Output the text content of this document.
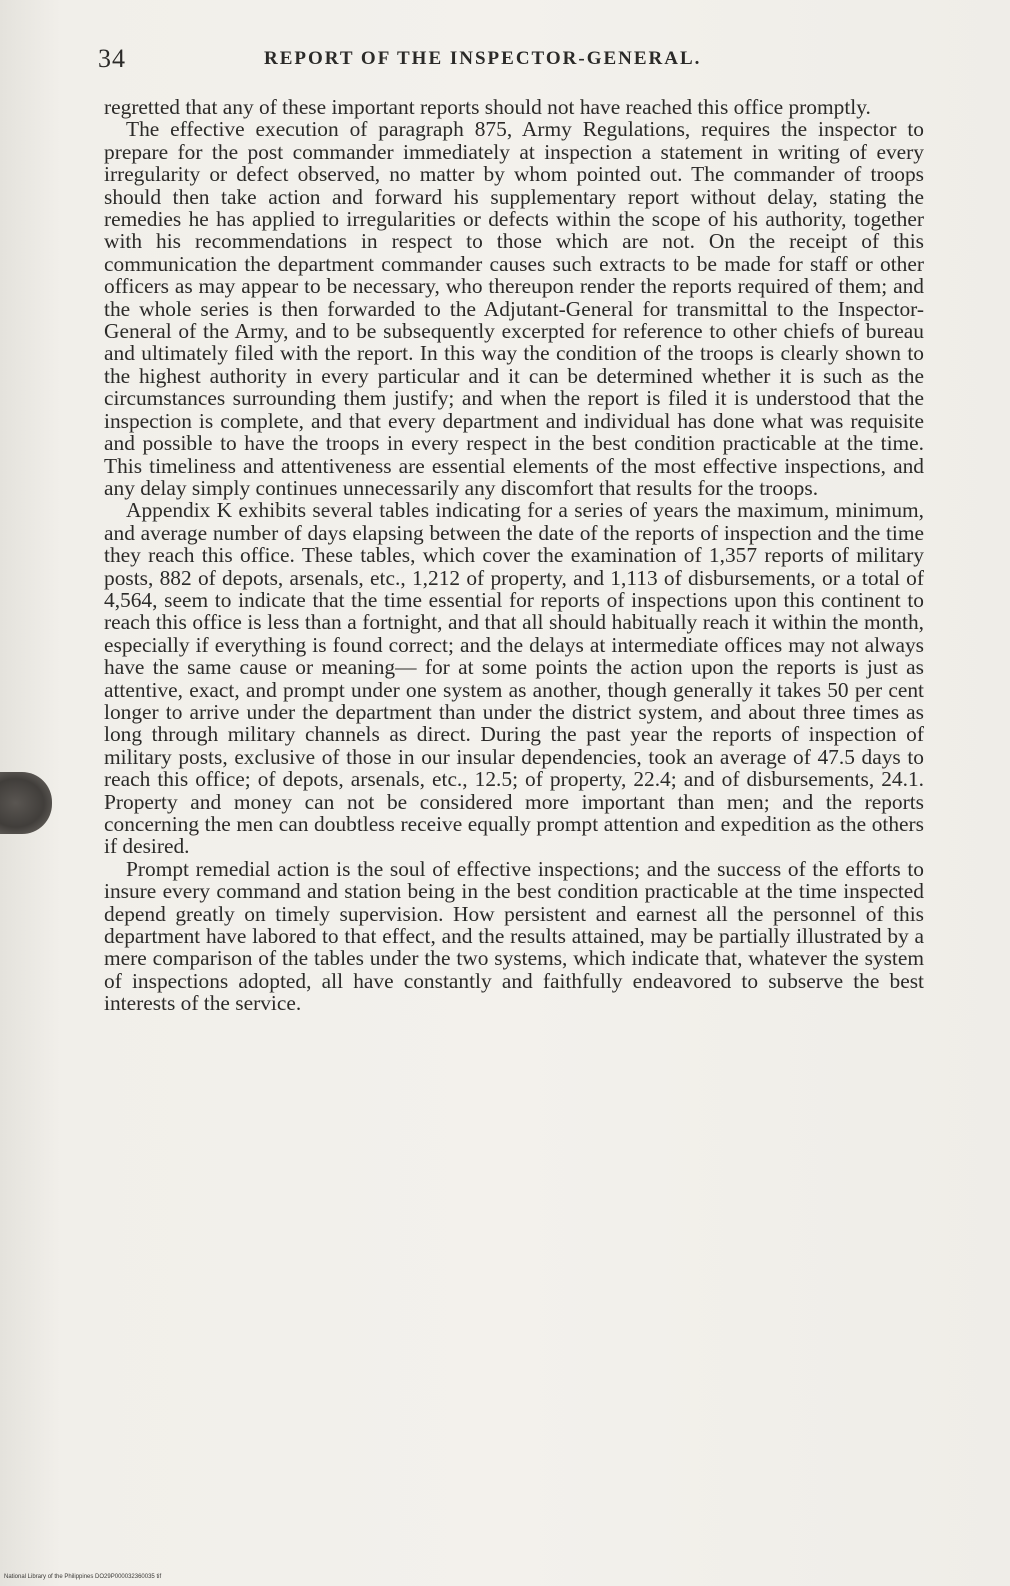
34	REPORT OF THE INSPECTOR-GENERAL.

regretted that any of these important reports should not have reached this office promptly.

The effective execution of paragraph 875, Army Regulations, requires the inspector to prepare for the post commander immediately at inspection a statement in writing of every irregularity or defect observed, no matter by whom pointed out. The commander of troops should then take action and forward his supplementary report without delay, stating the remedies he has applied to irregularities or defects within the scope of his authority, together with his recommendations in respect to those which are not. On the receipt of this communication the department commander causes such extracts to be made for staff or other officers as may appear to be necessary, who thereupon render the reports required of them; and the whole series is then forwarded to the Adjutant-General for transmittal to the Inspector-General of the Army, and to be subsequently excerpted for reference to other chiefs of bureau and ultimately filed with the report. In this way the condition of the troops is clearly shown to the highest authority in every particular and it can be determined whether it is such as the circumstances surrounding them justify; and when the report is filed it is understood that the inspection is complete, and that every department and individual has done what was requisite and possible to have the troops in every respect in the best condition practicable at the time. This timeliness and attentiveness are essential elements of the most effective inspections, and any delay simply continues unnecessarily any discomfort that results for the troops.

Appendix K exhibits several tables indicating for a series of years the maximum, minimum, and average number of days elapsing between the date of the reports of inspection and the time they reach this office. These tables, which cover the examination of 1,357 reports of military posts, 882 of depots, arsenals, etc., 1,212 of property, and 1,113 of disbursements, or a total of 4,564, seem to indicate that the time essential for reports of inspections upon this continent to reach this office is less than a fortnight, and that all should habitually reach it within the month, especially if everything is found correct; and the delays at intermediate offices may not always have the same cause or meaning— for at some points the action upon the reports is just as attentive, exact, and prompt under one system as another, though generally it takes 50 per cent longer to arrive under the department than under the district system, and about three times as long through military channels as direct. During the past year the reports of inspection of military posts, exclusive of those in our insular dependencies, took an average of 47.5 days to reach this office; of depots, arsenals, etc., 12.5; of property, 22.4; and of disbursements, 24.1. Property and money can not be considered more important than men; and the reports concerning the men can doubtless receive equally prompt attention and expedition as the others if desired.

Prompt remedial action is the soul of effective inspections; and the success of the efforts to insure every command and station being in the best condition practicable at the time inspected depend greatly on timely supervision. How persistent and earnest all the personnel of this department have labored to that effect, and the results attained, may be partially illustrated by a mere comparison of the tables under the two systems, which indicate that, whatever the system of inspections adopted, all have constantly and faithfully endeavored to subserve the best interests of the service.

National Library of the Philippines DO29P000032360035 tif
